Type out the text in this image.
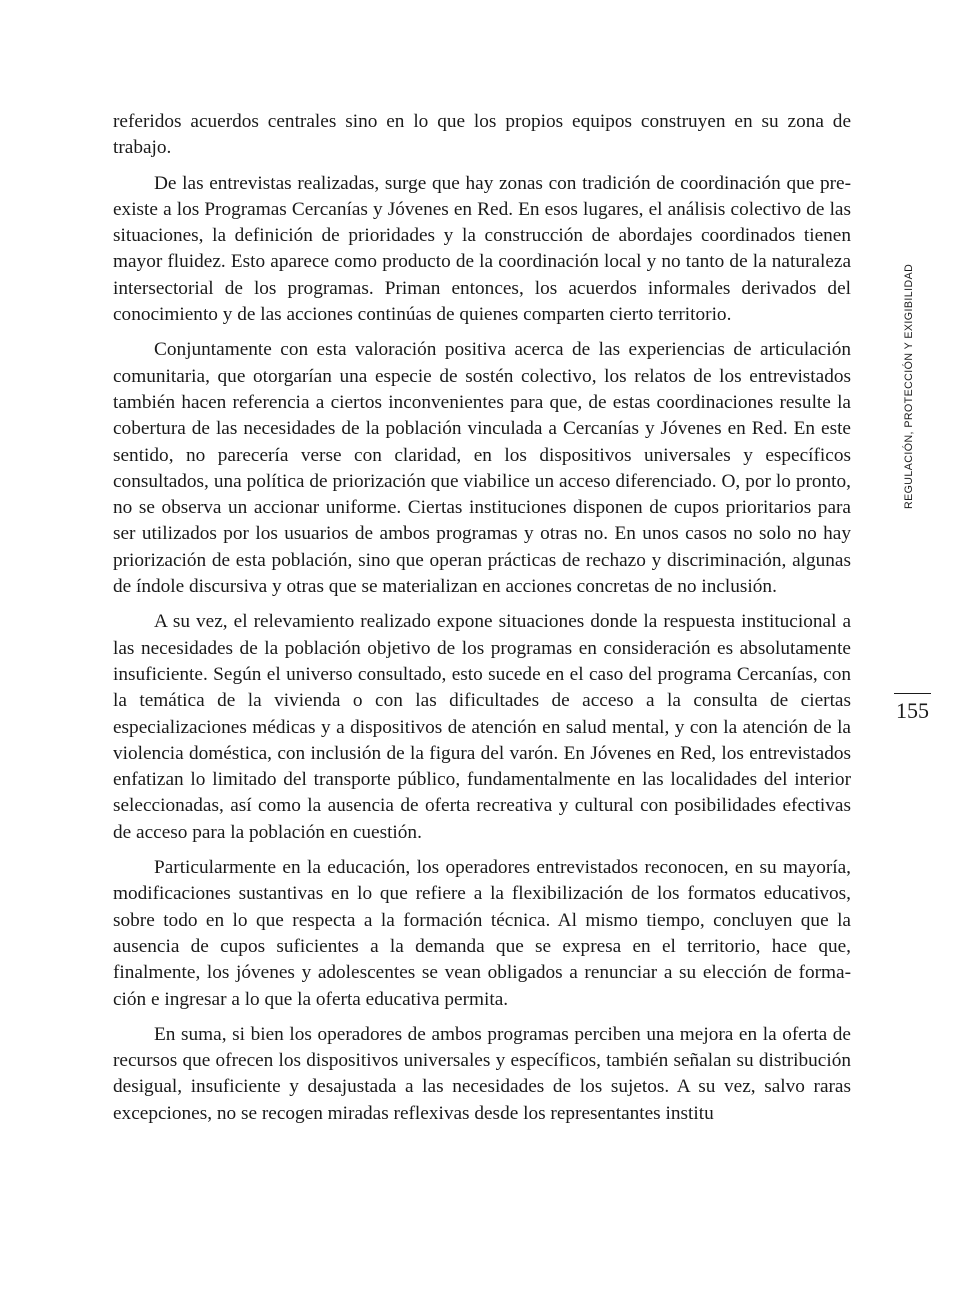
referidos acuerdos centrales sino en lo que los propios equipos construyen en su zona de trabajo.

De las entrevistas realizadas, surge que hay zonas con tradición de coordinación que pre-existe a los Programas Cercanías y Jóvenes en Red. En esos lugares, el análisis colectivo de las situaciones, la definición de prioridades y la construcción de abordajes coordinados tienen mayor fluidez. Esto aparece como producto de la coordinación local y no tanto de la naturaleza intersectorial de los programas. Priman entonces, los acuerdos informales derivados del conocimiento y de las acciones continúas de quienes comparten cierto territorio.

Conjuntamente con esta valoración positiva acerca de las experiencias de articulación comunitaria, que otorgarían una especie de sostén colectivo, los relatos de los entrevistados también hacen referencia a ciertos inconvenientes para que, de estas coordinaciones resulte la cobertura de las necesidades de la población vinculada a Cercanías y Jóvenes en Red. En este sentido, no parecería verse con claridad, en los dispositivos universales y específicos consultados, una política de priorización que viabilice un acceso diferenciado. O, por lo pronto, no se observa un accionar uniforme. Ciertas instituciones disponen de cupos prioritarios para ser utilizados por los usuarios de ambos programas y otras no. En unos casos no solo no hay priorización de esta población, sino que operan prácticas de rechazo y discriminación, algunas de índole discursiva y otras que se materializan en acciones concretas de no inclusión.

A su vez, el relevamiento realizado expone situaciones donde la respuesta institucional a las necesidades de la población objetivo de los programas en consideración es absolutamente insuficiente. Según el universo consultado, esto sucede en el caso del programa Cercanías, con la temática de la vivienda o con las dificultades de acceso a la consulta de ciertas especializaciones médicas y a dispositivos de atención en salud mental, y con la atención de la violencia doméstica, con inclusión de la figura del varón. En Jóvenes en Red, los entrevistados enfatizan lo limitado del transporte público, fundamentalmente en las localidades del interior seleccionadas, así como la ausencia de oferta recreativa y cultural con posibilidades efectivas de acceso para la población en cuestión.

Particularmente en la educación, los operadores entrevistados reconocen, en su mayoría, modificaciones sustantivas en lo que refiere a la flexibilización de los formatos educativos, sobre todo en lo que respecta a la formación técnica. Al mismo tiempo, concluyen que la ausencia de cupos suficientes a la demanda que se expresa en el territorio, hace que, finalmente, los jóvenes y adolescentes se vean obligados a renunciar a su elección de formación e ingresar a lo que la oferta educativa permita.

En suma, si bien los operadores de ambos programas perciben una mejora en la oferta de recursos que ofrecen los dispositivos universales y específicos, también señalan su distribución desigual, insuficiente y desajustada a las necesidades de los sujetos. A su vez, salvo raras excepciones, no se recogen miradas reflexivas desde los representantes institu

REGULACIÓN, PROTECCIÓN Y EXIGIBILIDAD
155
